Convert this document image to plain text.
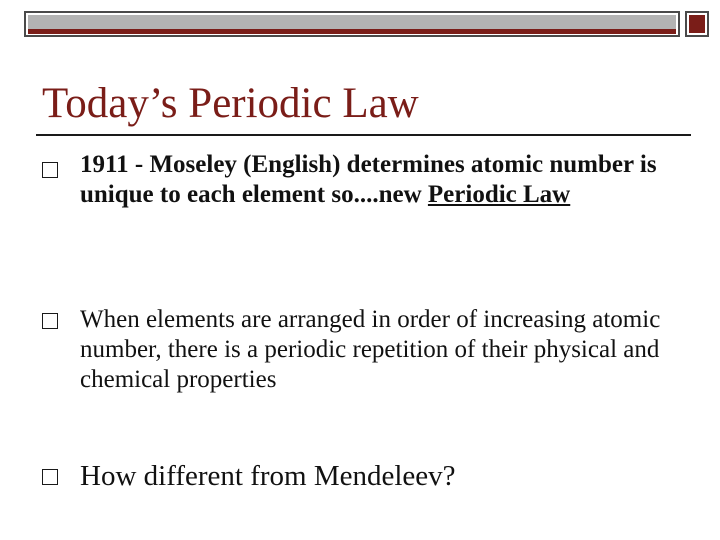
Today’s Periodic Law

1911 - Moseley (English) determines atomic number is unique to each element so....new Periodic Law

When elements are arranged in order of increasing atomic number, there is a periodic repetition of their physical and chemical properties

How different from Mendeleev?
